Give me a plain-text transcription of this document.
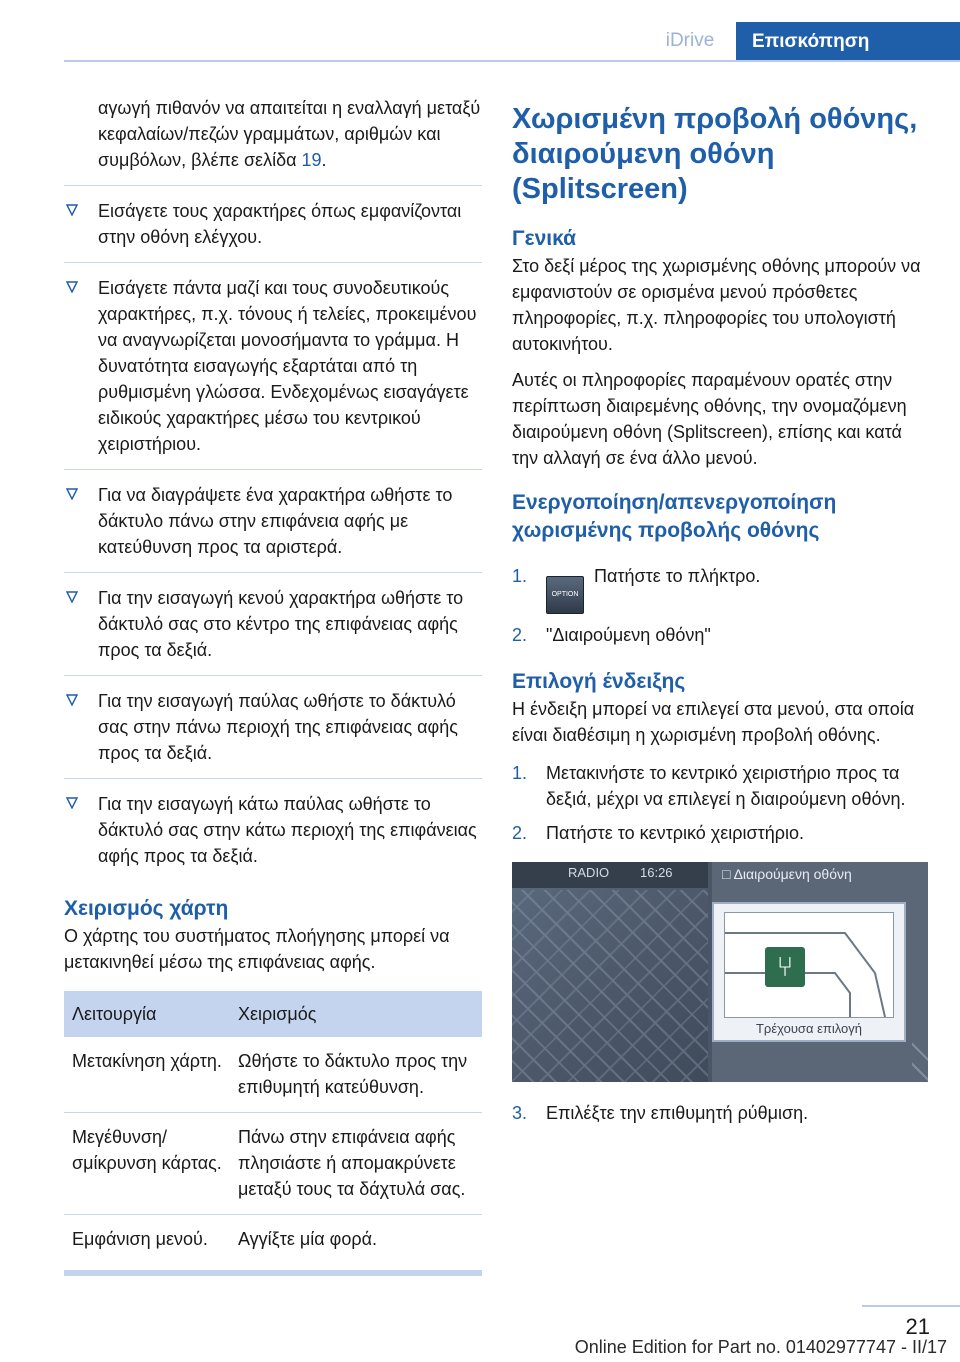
iDrive	Επισκόπηση

αγωγή πιθανόν να απαιτείται η εναλλαγή μεταξύ κεφαλαίων/πεζών γραμμάτων, αριθμών και συμβόλων, βλέπε σελίδα 19.

Εισάγετε τους χαρακτήρες όπως εμφανίζονται στην οθόνη ελέγχου.
Εισάγετε πάντα μαζί και τους συνοδευτικούς χαρακτήρες, π.χ. τόνους ή τελείες, προκειμένου να αναγνωρίζεται μονοσήμαντα το γράμμα. Η δυνατότητα εισαγωγής εξαρτάται από τη ρυθμισμένη γλώσσα. Ενδεχομένως εισαγάγετε ειδικούς χαρακτήρες μέσω του κεντρικού χειριστήριου.
Για να διαγράψετε ένα χαρακτήρα ωθήστε το δάκτυλο πάνω στην επιφάνεια αφής με κατεύθυνση προς τα αριστερά.
Για την εισαγωγή κενού χαρακτήρα ωθήστε το δάκτυλό σας στο κέντρο της επιφάνειας αφής προς τα δεξιά.
Για την εισαγωγή παύλας ωθήστε το δάκτυλό σας στην πάνω περιοχή της επιφάνειας αφής προς τα δεξιά.
Για την εισαγωγή κάτω παύλας ωθήστε το δάκτυλό σας στην κάτω περιοχή της επιφάνειας αφής προς τα δεξιά.
Χειρισμός χάρτη

Ο χάρτης του συστήματος πλοήγησης μπορεί να μετακινηθεί μέσω της επιφάνειας αφής.

Λειτουργία	Χειρισμός
Μετακίνηση χάρτη.	Ωθήστε το δάκτυλο προς την επιθυμητή κατεύθυνση.
Μεγέθυνση/σμίκρυνση κάρτας.	Πάνω στην επιφάνεια αφής πλησιάστε ή απομακρύνετε μεταξύ τους τα δάχτυλά σας.
Εμφάνιση μενού.	Αγγίξτε μία φορά.
Χωρισμένη προβολή οθόνης, διαιρούμενη οθόνη (Splitscreen)
Γενικά

Στο δεξί μέρος της χωρισμένης οθόνης μπορούν να εμφανιστούν σε ορισμένα μενού πρόσθετες πληροφορίες, π.χ. πληροφορίες του υπολογιστή αυτοκινήτου.

Αυτές οι πληροφορίες παραμένουν ορατές στην περίπτωση διαιρεμένης οθόνης, την ονομαζόμενη διαιρούμενη οθόνη (Splitscreen), επίσης και κατά την αλλαγή σε ένα άλλο μενού.

Ενεργοποίηση/απενεργοποίηση χωρισμένης προβολής οθόνης
1.
OPTIONΠατήστε το πλήκτρο.
2. "Διαιρούμενη οθόνη"
Επιλογή ένδειξης

Η ένδειξη μπορεί να επιλεγεί στα μενού, στα οποία είναι διαθέσιμη η χωρισμένη προβολή οθόνης.

1. Μετακινήστε το κεντρικό χειριστήριο προς τα δεξιά, μέχρι να επιλεγεί η διαιρούμενη οθόνη.
2. Πατήστε το κεντρικό χειριστήριο.
RADIO 16:26	□ Διαιρούμενη οθόνη
⑂
Τρέχουσα επιλογή
3. Επιλέξτε την επιθυμητή ρύθμιση.
21
Online Edition for Part no. 01402977747 - II/17
